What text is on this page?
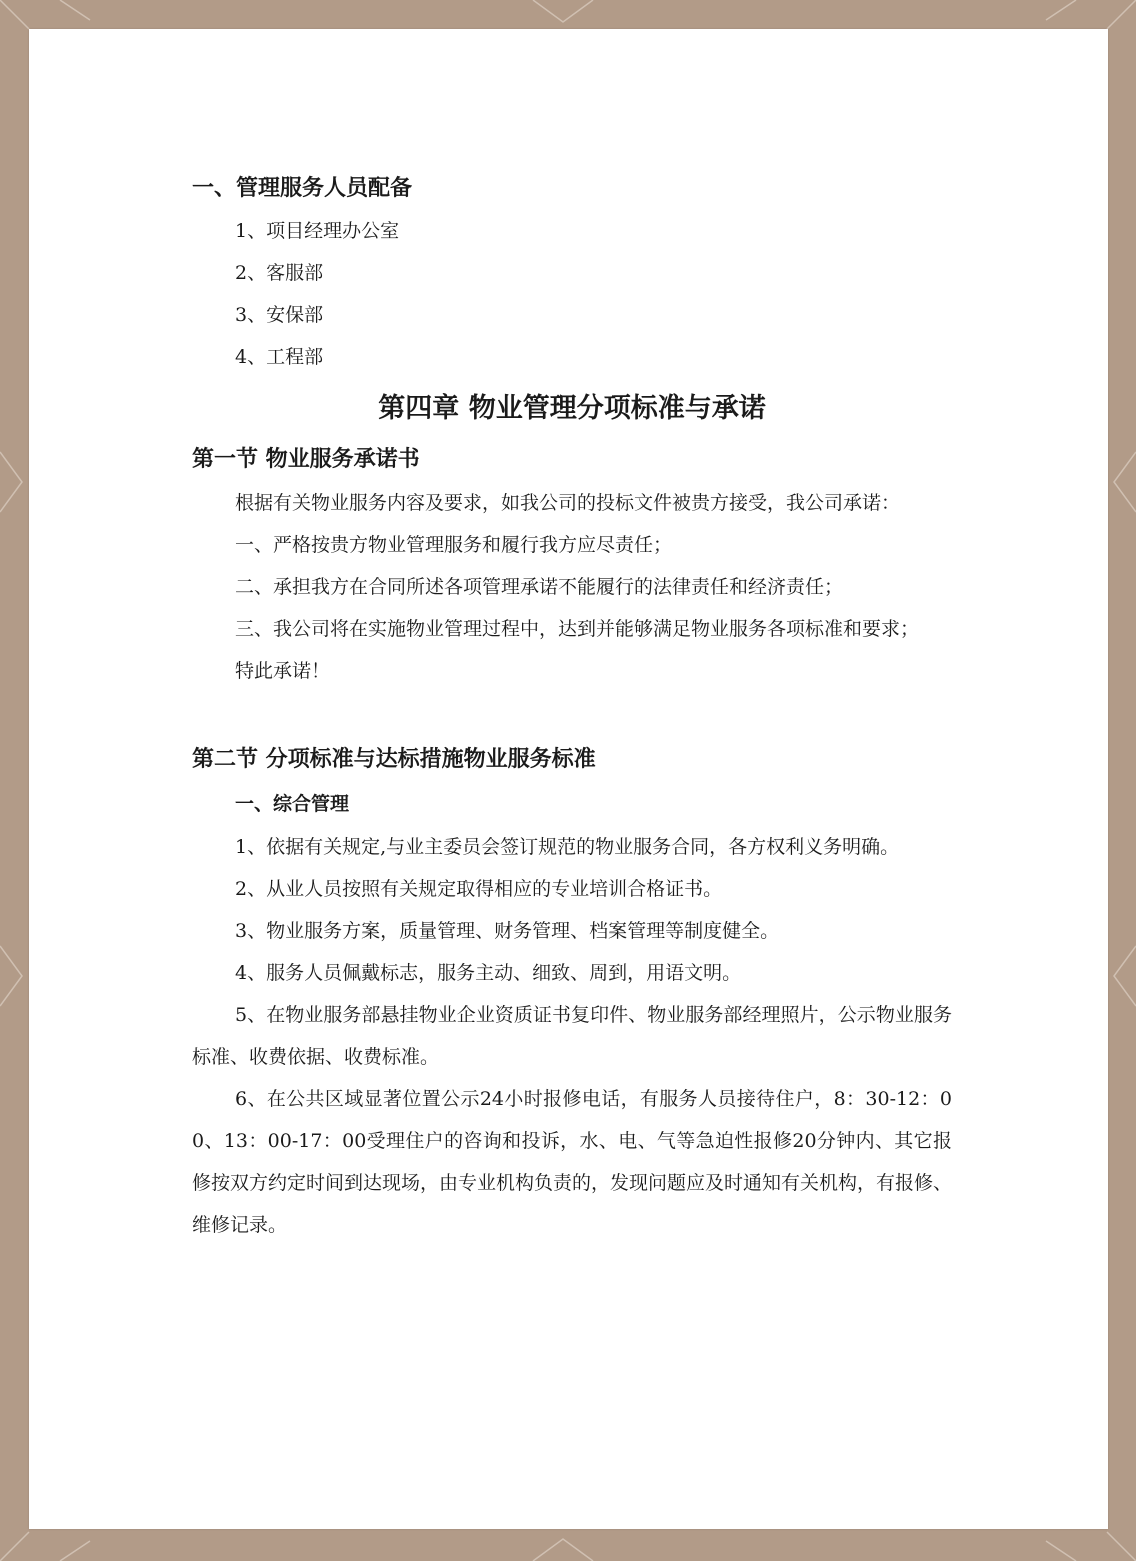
一、管理服务人员配备

1、项目经理办公室

2、客服部

3、安保部

4、工程部

第四章 物业管理分项标准与承诺

第一节 物业服务承诺书

根据有关物业服务内容及要求，如我公司的投标文件被贵方接受，我公司承诺：

一、严格按贵方物业管理服务和履行我方应尽责任；

二、承担我方在合同所述各项管理承诺不能履行的法律责任和经济责任；

三、我公司将在实施物业管理过程中，达到并能够满足物业服务各项标准和要求；

特此承诺！

第二节 分项标准与达标措施物业服务标准

一、综合管理

1、依据有关规定,与业主委员会签订规范的物业服务合同，各方权利义务明确。

2、从业人员按照有关规定取得相应的专业培训合格证书。

3、物业服务方案，质量管理、财务管理、档案管理等制度健全。

4、服务人员佩戴标志，服务主动、细致、周到，用语文明。

5、在物业服务部悬挂物业企业资质证书复印件、物业服务部经理照片，公示物业服务标准、收费依据、收费标准。

6、在公共区域显著位置公示24小时报修电话，有服务人员接待住户，8：30-12：00、13：00-17：00受理住户的咨询和投诉，水、电、气等急迫性报修20分钟内、其它报修按双方约定时间到达现场，由专业机构负责的，发现问题应及时通知有关机构，有报修、维修记录。
